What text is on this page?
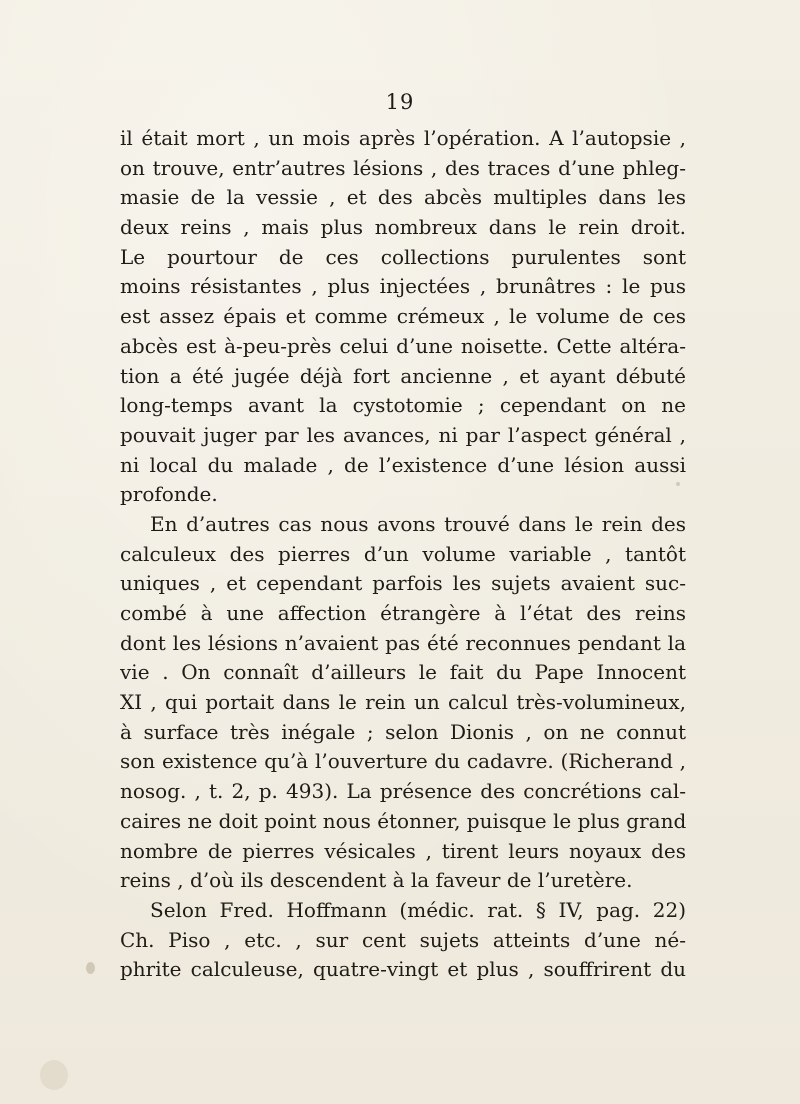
19
il était mort , un mois après l’opération. A l’autopsie ,
on trouve, entr’autres lésions , des traces d’une phleg-
masie de la vessie , et des abcès multiples dans les
deux reins , mais plus nombreux dans le rein droit.
Le pourtour de ces collections purulentes sont
moins résistantes , plus injectées , brunâtres : le pus
est assez épais et comme crémeux , le volume de ces
abcès est à-peu-près celui d’une noisette. Cette altéra-
tion a été jugée déjà fort ancienne , et ayant débuté
long-temps avant la cystotomie ; cependant on ne
pouvait juger par les avances, ni par l’aspect général ,
ni local du malade , de l’existence d’une lésion aussi
profonde.
En d’autres cas nous avons trouvé dans le rein des
calculeux des pierres d’un volume variable , tantôt
uniques , et cependant parfois les sujets avaient suc-
combé à une affection étrangère à l’état des reins
dont les lésions n’avaient pas été reconnues pendant la
vie . On connaît d’ailleurs le fait du Pape Innocent
XI , qui portait dans le rein un calcul très-volumineux,
à surface très inégale ; selon Dionis , on ne connut
son existence qu’à l’ouverture du cadavre. (Richerand ,
nosog. , t. 2, p. 493). La présence des concrétions cal-
caires ne doit point nous étonner, puisque le plus grand
nombre de pierres vésicales , tirent leurs noyaux des
reins , d’où ils descendent à la faveur de l’uretère.
Selon Fred. Hoffmann (médic. rat. § IV, pag. 22)
Ch. Piso , etc. , sur cent sujets atteints d’une né-
phrite calculeuse, quatre-vingt et plus , souffrirent du
